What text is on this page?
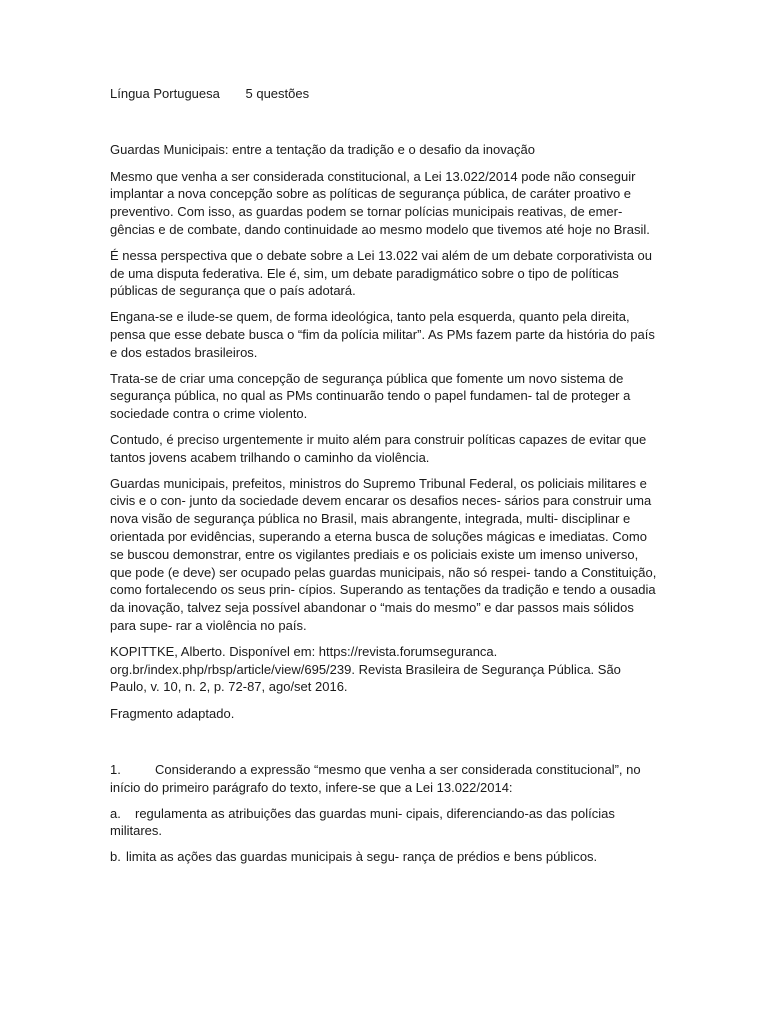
Língua Portuguesa 5 questões

Guardas Municipais: entre a tentação da tradição e o desafio da inovação

Mesmo que venha a ser considerada constitucional, a Lei 13.022/2014 pode não conseguir implantar a nova concepção sobre as políticas de segurança pública, de caráter proativo e preventivo. Com isso, as guardas podem se tornar polícias municipais reativas, de emer- gências e de combate, dando continuidade ao mesmo modelo que tivemos até hoje no Brasil.

É nessa perspectiva que o debate sobre a Lei 13.022 vai além de um debate corporativista ou de uma disputa federativa. Ele é, sim, um debate paradigmático sobre o tipo de políticas públicas de segurança que o país adotará.

Engana-se e ilude-se quem, de forma ideológica, tanto pela esquerda, quanto pela direita, pensa que esse debate busca o “fim da polícia militar”. As PMs fazem parte da história do país e dos estados brasileiros.

Trata-se de criar uma concepção de segurança pública que fomente um novo sistema de segurança pública, no qual as PMs continuarão tendo o papel fundamen- tal de proteger a sociedade contra o crime violento.

Contudo, é preciso urgentemente ir muito além para construir políticas capazes de evitar que tantos jovens acabem trilhando o caminho da violência.

Guardas municipais, prefeitos, ministros do Supremo Tribunal Federal, os policiais militares e civis e o con- junto da sociedade devem encarar os desafios neces- sários para construir uma nova visão de segurança pública no Brasil, mais abrangente, integrada, multi- disciplinar e orientada por evidências, superando a eterna busca de soluções mágicas e imediatas. Como se buscou demonstrar, entre os vigilantes prediais e os policiais existe um imenso universo, que pode (e deve) ser ocupado pelas guardas municipais, não só respei- tando a Constituição, como fortalecendo os seus prin- cípios. Superando as tentações da tradição e tendo a ousadia da inovação, talvez seja possível abandonar o “mais do mesmo” e dar passos mais sólidos para supe- rar a violência no país.

KOPITTKE, Alberto. Disponível em: https://revista.forumseguranca. org.br/index.php/rbsp/article/view/695/239. Revista Brasileira de Segurança Pública. São Paulo, v. 10, n. 2, p. 72-87, ago/set 2016.

Fragmento adaptado.

1.	Considerando a expressão “mesmo que venha a ser considerada constitucional”, no início do primeiro parágrafo do texto, infere-se que a Lei 13.022/2014:

a. regulamenta as atribuições das guardas muni- cipais, diferenciando-as das polícias militares.

b. limita as ações das guardas municipais à segu- rança de prédios e bens públicos.
